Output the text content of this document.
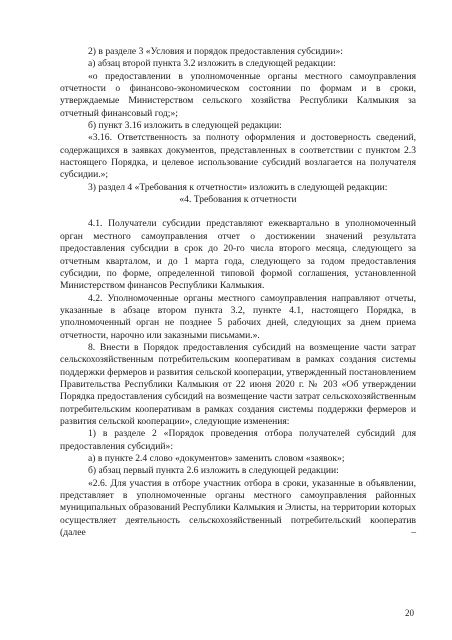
2) в разделе 3 «Условия и порядок предоставления субсидии»:

а) абзац второй пункта 3.2 изложить в следующей редакции:

«о предоставлении в уполномоченные органы местного самоуправления отчетности о финансово-экономическом состоянии по формам и в сроки, утверждаемые Министерством сельского хозяйства Республики Калмыкия за отчетный финансовый год;»;

б) пункт 3.16 изложить в следующей редакции:

«3.16. Ответственность за полноту оформления и достоверность сведений, содержащихся в заявках документов, представленных в соответствии с пунктом 2.3 настоящего Порядка, и целевое использование субсидий возлагается на получателя субсидии.»;

3) раздел 4 «Требования к отчетности» изложить в следующей редакции:

«4. Требования к отчетности

4.1. Получатели субсидии представляют ежеквартально в уполномоченный орган местного самоуправления отчет о достижении значений результата предоставления субсидии в срок до 20-го числа второго месяца, следующего за отчетным кварталом, и до 1 марта года, следующего за годом предоставления субсидии, по форме, определенной типовой формой соглашения, установленной Министерством финансов Республики Калмыкия.

4.2. Уполномоченные органы местного самоуправления направляют отчеты, указанные в абзаце втором пункта 3.2, пункте 4.1, настоящего Порядка, в уполномоченный орган не позднее 5 рабочих дней, следующих за днем приема отчетности, нарочно или заказными письмами.».

8. Внести в Порядок предоставления субсидий на возмещение части затрат сельскохозяйственным потребительским кооперативам в рамках создания системы поддержки фермеров и развития сельской кооперации, утвержденный постановлением Правительства Республики Калмыкия от 22 июня 2020 г. № 203 «Об утверждении Порядка предоставления субсидий на возмещение части затрат сельскохозяйственным потребительским кооперативам в рамках создания системы поддержки фермеров и развития сельской кооперации», следующие изменения:

1) в разделе 2 «Порядок проведения отбора получателей субсидий для предоставления субсидий»:

а) в пункте 2.4 слово «документов» заменить словом «заявок»;

б) абзац первый пункта 2.6 изложить в следующей редакции:

«2.6. Для участия в отборе участник отбора в сроки, указанные в объявлении, представляет в уполномоченные органы местного самоуправления районных муниципальных образований Республики Калмыкия и Элисты, на территории которых осуществляет деятельность сельскохозяйственный потребительский кооператив (далее –

20
